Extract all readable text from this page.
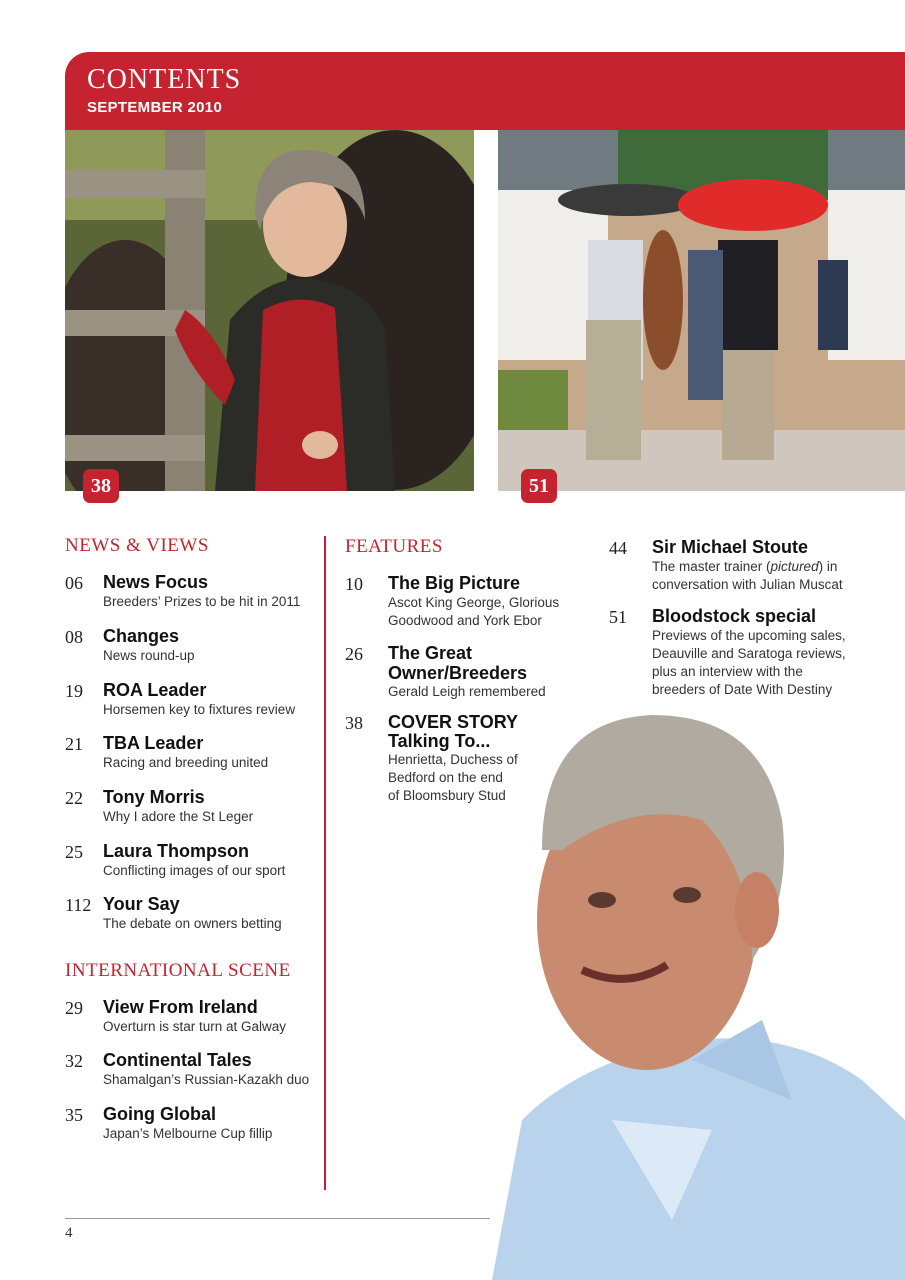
CONTENTS
SEPTEMBER 2010
38	51
NEWS & VIEWS
06 News Focus
Breeders’ Prizes to be hit in 2011
08 Changes
News round-up
19 ROA Leader
Horsemen key to fixtures review
21 TBA Leader
Racing and breeding united
22 Tony Morris
Why I adore the St Leger
25 Laura Thompson
Conflicting images of our sport
112 Your Say
The debate on owners betting
INTERNATIONAL SCENE
29 View From Ireland
Overturn is star turn at Galway
32 Continental Tales
Shamalgan’s Russian-Kazakh duo
35 Going Global
Japan’s Melbourne Cup fillip
FEATURES
10 The Big Picture
Ascot King George, Glorious
Goodwood and York Ebor
26 The Great
Owner/Breeders
Gerald Leigh remembered
38 COVER STORY
Talking To...
Henrietta, Duchess of
Bedford on the end
of Bloomsbury Stud
44 Sir Michael Stoute
The master trainer (pictured) in
conversation with Julian Muscat
51 Bloodstock special
Previews of the upcoming sales,
Deauville and Saratoga reviews,
plus an interview with the
breeders of Date With Destiny
4
